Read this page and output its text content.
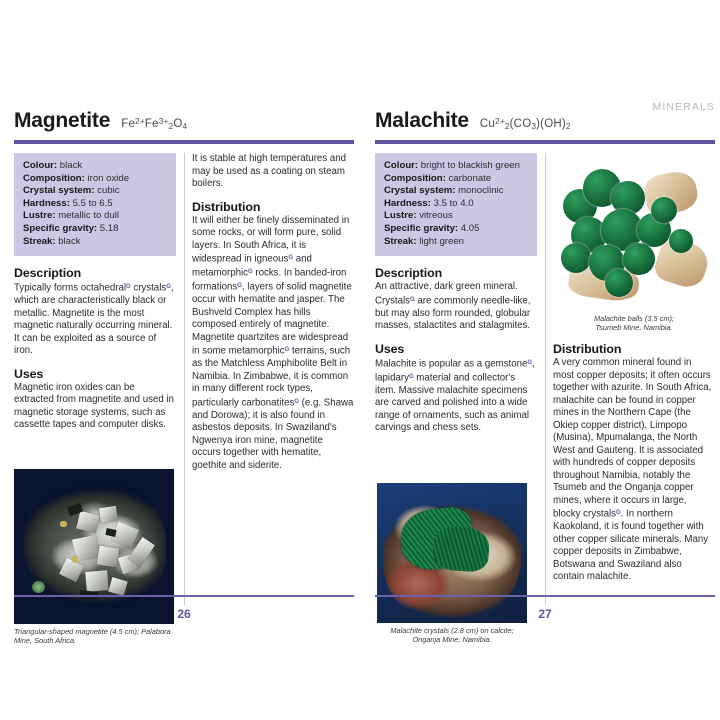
Magnetite $Fe^{2+}Fe^{3+}_2O_4$
Colour: black
Composition: iron oxide
Crystal system: cubic
Hardness: 5.5 to 6.5
Lustre: metallic to dull
Specific gravity: 5.18
Streak: black
Description

Typically forms octahedral$^G$ crystals$^G$, which are characteristically black or metallic. Magnetite is the most magnetic naturally occurring mineral. It can be exploited as a source of iron.

Uses

Magnetic iron oxides can be extracted from magnetite and used in magnetic storage systems, such as cassette tapes and computer disks.

Triangular-shaped magnetite (4.5 cm); Palabora Mine, South Africa.

It is stable at high temperatures and may be used as a coating on steam boilers.

Distribution

It will either be finely disseminated in some rocks, or will form pure, solid layers. In South Africa, it is widespread in igneous$^G$ and metamorphic$^G$ rocks. In banded-iron formations$^G$, layers of solid magnetite occur with hematite and jasper. The Bushveld Complex has hills composed entirely of magnetite. Magnetite quartzites are widespread in some metamorphic$^G$ terrains, such as the Matchless Amphibolite Belt in Namibia. In Zimbabwe, it is common in many different rock types, particularly carbonatites$^G$ (e.g. Shawa and Dorowa); it is also found in asbestos deposits. In Swaziland's Ngwenya iron mine, magnetite occurs together with hematite, goethite and siderite.

26
MINERALS
Malachite $Cu^{2+}_2(CO_3)(OH)_2$
Colour: bright to blackish green
Composition: carbonate
Crystal system: monoclinic
Hardness: 3.5 to 4.0
Lustre: vitreous
Specific gravity: 4.05
Streak: light green
Description

An attractive, dark green mineral. Crystals$^G$ are commonly needle-like, but may also form rounded, globular masses, stalactites and stalagmites.

Uses

Malachite is popular as a gemstone$^G$, lapidary$^G$ material and collector's item. Massive malachite specimens are carved and polished into a wide range of ornaments, such as animal carvings and chess sets.

Malachite crystals (2.8 cm) on calcite;
Onganja Mine, Namibia.
Malachite balls (3.5 cm);
Tsumeb Mine, Namibia.
Distribution

A very common mineral found in most copper deposits; it often occurs together with azurite. In South Africa, malachite can be found in copper mines in the Northern Cape (the Okiep copper district), Limpopo (Musina), Mpumalanga, the North West and Gauteng. It is associated with hundreds of copper deposits throughout Namibia, notably the Tsumeb and the Onganja copper mines, where it occurs in large, blocky crystals$^G$. In northern Kaokoland, it is found together with other copper silicate minerals. Many copper deposits in Zimbabwe, Botswana and Swaziland also contain malachite.

27
